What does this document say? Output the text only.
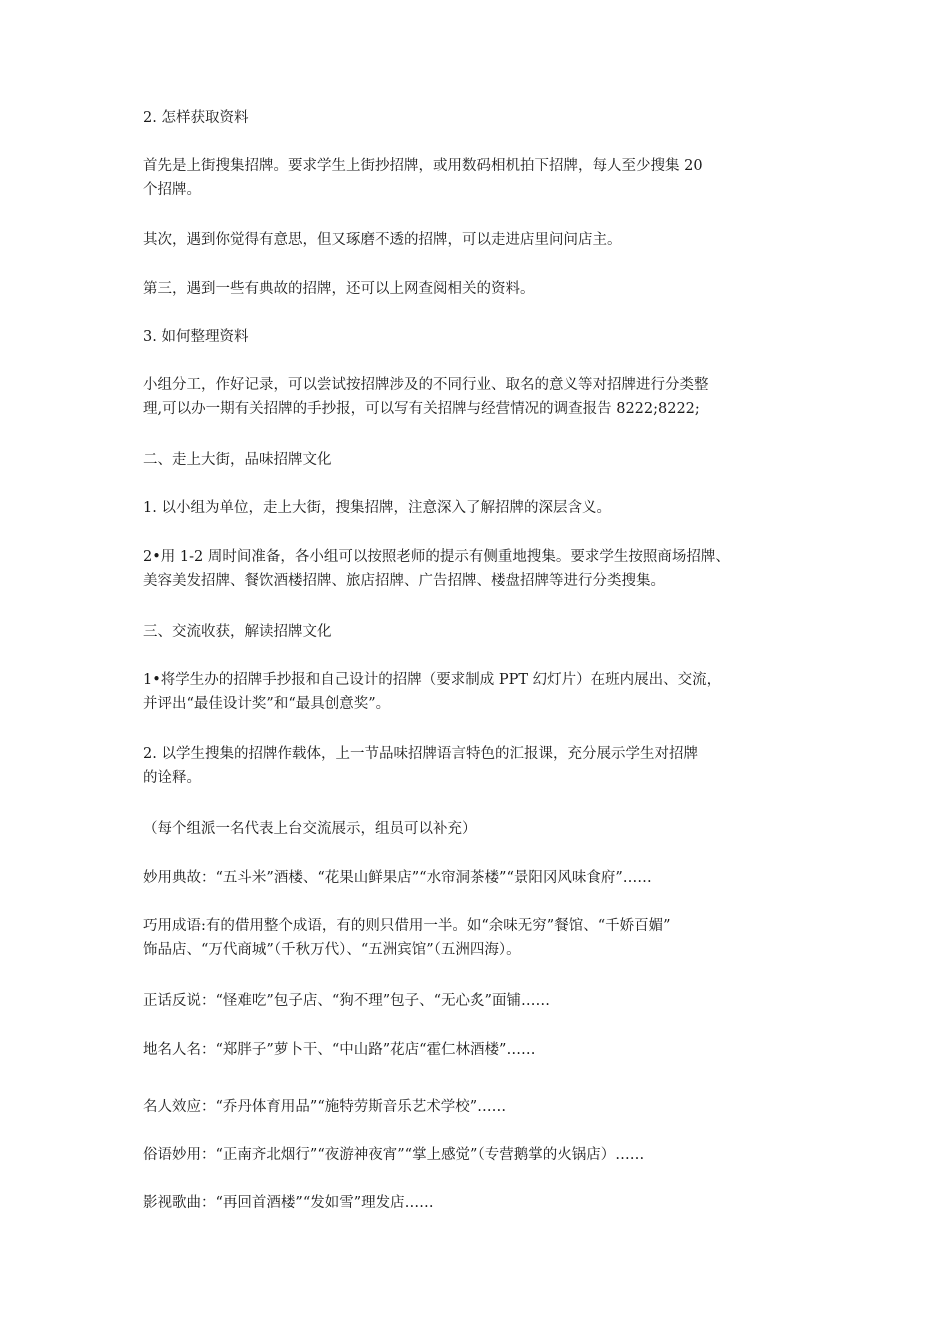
2. 怎样获取资料

首先是上街搜集招牌。要求学生上街抄招牌，或用数码相机拍下招牌，每人至少搜集 20
个招牌。

其次，遇到你觉得有意思，但又琢磨不透的招牌，可以走进店里问问店主。

第三，遇到一些有典故的招牌，还可以上网查阅相关的资料。

3. 如何整理资料

小组分工，作好记录，可以尝试按招牌涉及的不同行业、取名的意义等对招牌进行分类整
理,可以办一期有关招牌的手抄报，可以写有关招牌与经营情况的调查报告 8222;8222;

二、走上大街，品味招牌文化

1. 以小组为单位，走上大街，搜集招牌，注意深入了解招牌的深层含义。

2•用 1-2 周时间准备，各小组可以按照老师的提示有侧重地搜集。要求学生按照商场招牌、
美容美发招牌、餐饮酒楼招牌、旅店招牌、广告招牌、楼盘招牌等进行分类搜集。

三、交流收获，解读招牌文化

1•将学生办的招牌手抄报和自己设计的招牌（要求制成 PPT 幻灯片）在班内展出、交流，
并评出“最佳设计奖”和“最具创意奖”。

2. 以学生搜集的招牌作载体，上一节品味招牌语言特色的汇报课，充分展示学生对招牌
的诠释。

（每个组派一名代表上台交流展示，组员可以补充）

妙用典故：“五斗米”酒楼、“花果山鲜果店”“水帘洞茶楼”“景阳冈风味食府”……

巧用成语:有的借用整个成语，有的则只借用一半。如“余味无穷”餐馆、“千娇百媚”
饰品店、“万代商城”（千秋万代）、“五洲宾馆”（五洲四海）。

正话反说：“怪难吃”包子店、“狗不理”包子、“无心炙”面铺……

地名人名：“郑胖子”萝卜干、“中山路”花店“霍仁林酒楼”……

名人效应：“乔丹体育用品”“施特劳斯音乐艺术学校”……

俗语妙用：“正南齐北烟行”“夜游神夜宵”“掌上感觉”（专营鹅掌的火锅店）……

影视歌曲：“再回首酒楼”“发如雪”理发店……
